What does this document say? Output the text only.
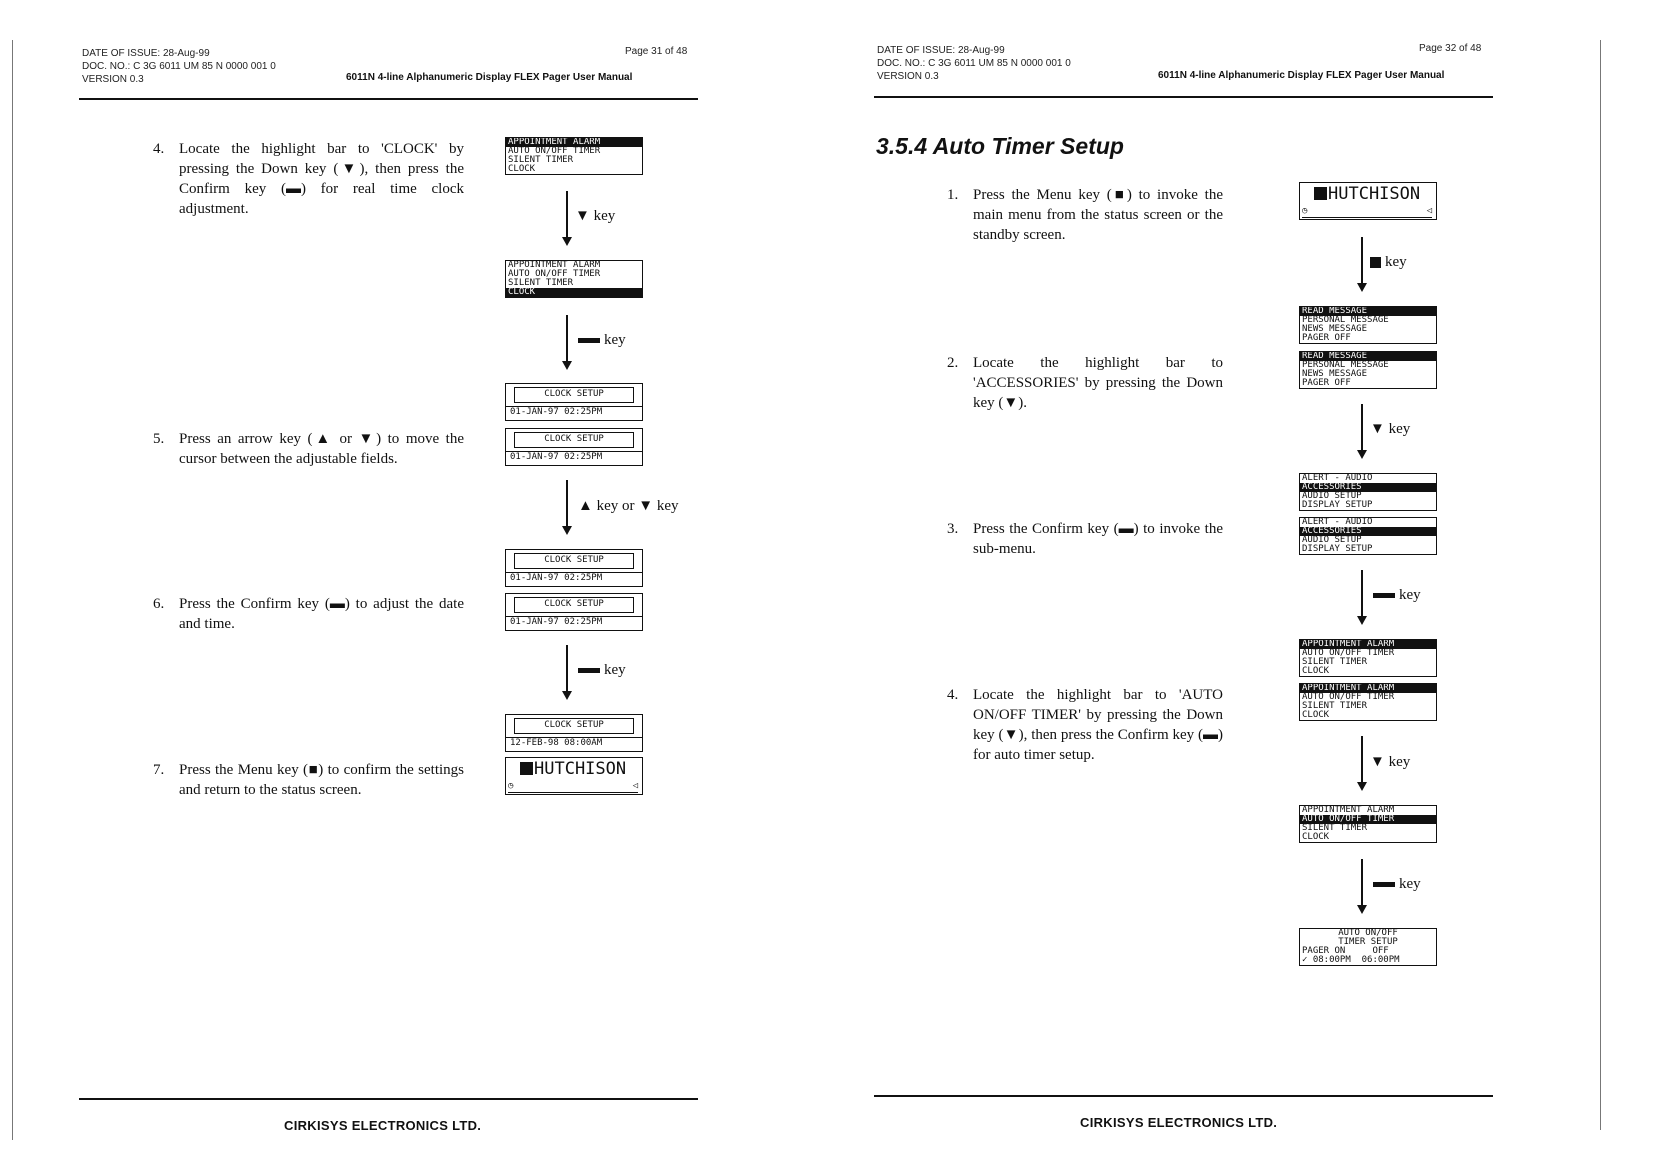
DATE OF ISSUE: 28-Aug-99
DOC. NO.: C 3G 6011 UM 85 N 0000 001 0
VERSION 0.3
Page 31 of 48
6011N 4-line Alphanumeric Display FLEX Pager User Manual
4. Locate the highlight bar to 'CLOCK' by pressing the Down key (▼), then press the Confirm key (▬) for real time clock adjustment.
5. Press an arrow key (▲ or ▼) to move the cursor between the adjustable fields.
6. Press the Confirm key (▬) to adjust the date and time.
7. Press the Menu key (■) to confirm the settings and return to the status screen.
APPOINTMENT ALARM
AUTO ON/OFF TIMER
SILENT TIMER
CLOCK
▼ key
APPOINTMENT ALARM
AUTO ON/OFF TIMER
SILENT TIMER
CLOCK
key
CLOCK SETUP
01-JAN-97 02:25PM
CLOCK SETUP
01-JAN-97 02:25PM
▲ key or ▼ key
CLOCK SETUP
01-JAN-97 02:25PM
CLOCK SETUP
01-JAN-97 02:25PM
key
CLOCK SETUP
12-FEB-98 08:00AM
HUTCHISON
◷	◁
CIRKISYS ELECTRONICS LTD.
DATE OF ISSUE: 28-Aug-99
DOC. NO.: C 3G 6011 UM 85 N 0000 001 0
VERSION 0.3
Page 32 of 48
6011N 4-line Alphanumeric Display FLEX Pager User Manual
3.5.4 Auto Timer Setup
1. Press the Menu key (■) to invoke the main menu from the status screen or the standby screen.
2. Locate the highlight bar to 'ACCESSORIES' by pressing the Down key (▼).
3. Press the Confirm key (▬) to invoke the sub-menu.
4. Locate the highlight bar to 'AUTO ON/OFF TIMER' by pressing the Down key (▼), then press the Confirm key (▬) for auto timer setup.
HUTCHISON
◷	◁
key
READ MESSAGE
PERSONAL MESSAGE
NEWS MESSAGE
PAGER OFF
READ MESSAGE
PERSONAL MESSAGE
NEWS MESSAGE
PAGER OFF
▼ key
ALERT - AUDIO
ACCESSORIES
AUDIO SETUP
DISPLAY SETUP
ALERT - AUDIO
ACCESSORIES
AUDIO SETUP
DISPLAY SETUP
key
APPOINTMENT ALARM
AUTO ON/OFF TIMER
SILENT TIMER
CLOCK
APPOINTMENT ALARM
AUTO ON/OFF TIMER
SILENT TIMER
CLOCK
▼ key
APPOINTMENT ALARM
AUTO ON/OFF TIMER
SILENT TIMER
CLOCK
key
AUTO ON/OFF
TIMER SETUP
PAGER ON     OFF
✓ 08:00PM  06:00PM
CIRKISYS ELECTRONICS LTD.
